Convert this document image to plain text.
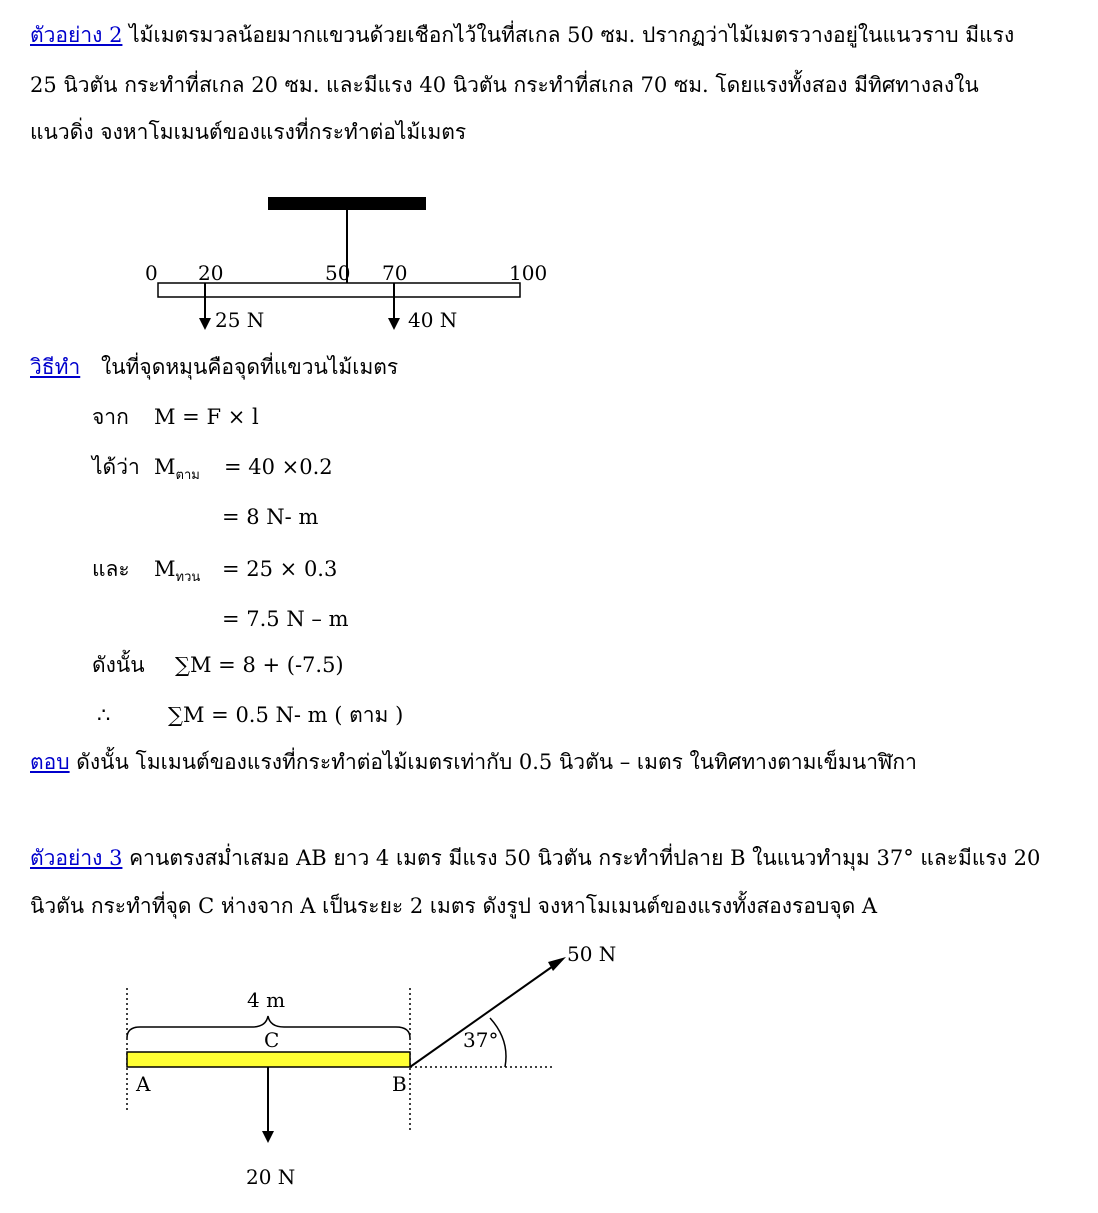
ตัวอย่าง 2 ไม้เมตรมวลน้อยมากแขวนด้วยเชือกไว้ในที่สเกล 50 ซม. ปรากฏว่าไม้เมตรวางอยู่ในแนวราบ มีแรง
25 นิวตัน กระทำที่สเกล 20 ซม. และมีแรง 40 นิวตัน กระทำที่สเกล 70 ซม. โดยแรงทั้งสอง มีทิศทางลงใน
แนวดิ่ง จงหาโมเมนต์ของแรงที่กระทำต่อไม้เมตร
0 20	50 70	100
25 N	40 N
วิธีทำ ในที่จุดหมุนคือจุดที่แขวนไม้เมตร
จาก M = F × l
ได้ว่า $M_{ตาม} = 40 \times 0.2$
= 8 N- m
และ $M_{ทวน} = 25 \times 0.3$
= 7.5 N – m
ดังนั้น ∑M = 8 + (-7.5)
∴	∑M = 0.5 N- m ( ตาม )
ตอบ ดังนั้น โมเมนต์ของแรงที่กระทำต่อไม้เมตรเท่ากับ 0.5 นิวตัน – เมตร ในทิศทางตามเข็มนาฬิกา
ตัวอย่าง 3 คานตรงสม่ำเสมอ AB ยาว 4 เมตร มีแรง 50 นิวตัน กระทำที่ปลาย B ในแนวทำมุม 37° และมีแรง 20
นิวตัน กระทำที่จุด C ห่างจาก A เป็นระยะ 2 เมตร ดังรูป จงหาโมเมนต์ของแรงทั้งสองรอบจุด A
4 m
C
A	B
20 N
50 N
37°
